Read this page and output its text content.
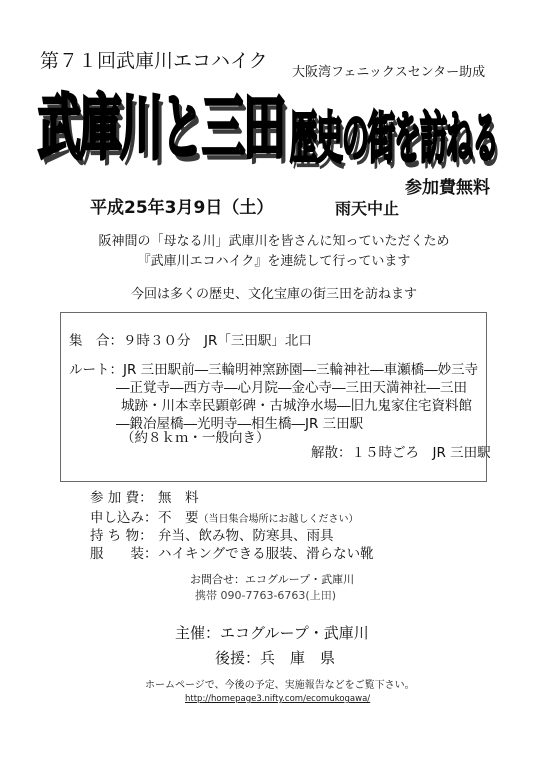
第７１回武庫川エコハイク
大阪湾フェニックスセンター助成
武庫川と三田 歴史の街を訪ねる
参加費無料
平成25年3月9日（土）	雨天中止
阪神間の「母なる川」武庫川を皆さんに知っていただくため
『武庫川エコハイク』を連続して行っています
今回は多くの歴史、文化宝庫の街三田を訪ねます
集　合：９時３０分　JR「三田駅」北口
ルート：JR 三田駅前―三輪明神窯跡園―三輪神社―車瀬橋―妙三寺
―正覚寺―西方寺―心月院―金心寺―三田天満神社―三田
城跡・川本幸民顕彰碑・古城浄水場―旧九鬼家住宅資料館
―鍛冶屋橋―光明寺―相生橋―JR 三田駅
（約８ｋｍ・一般向き）
解散：１５時ごろ　JR 三田駅
参 加 費： 無　料
申し込み：不　要（当日集合場所にお越しください）
持 ち 物： 弁当、飲み物、防寒具、雨具
服　　装：ハイキングできる服装、滑らない靴
お問合せ：エコグループ・武庫川
携帯 090-7763-6763(上田)
主催：エコグループ・武庫川
後援：兵　庫　県
ホームページで、今後の予定、実施報告などをご覧下さい。
http://homepage3.nifty.com/ecomukogawa/
